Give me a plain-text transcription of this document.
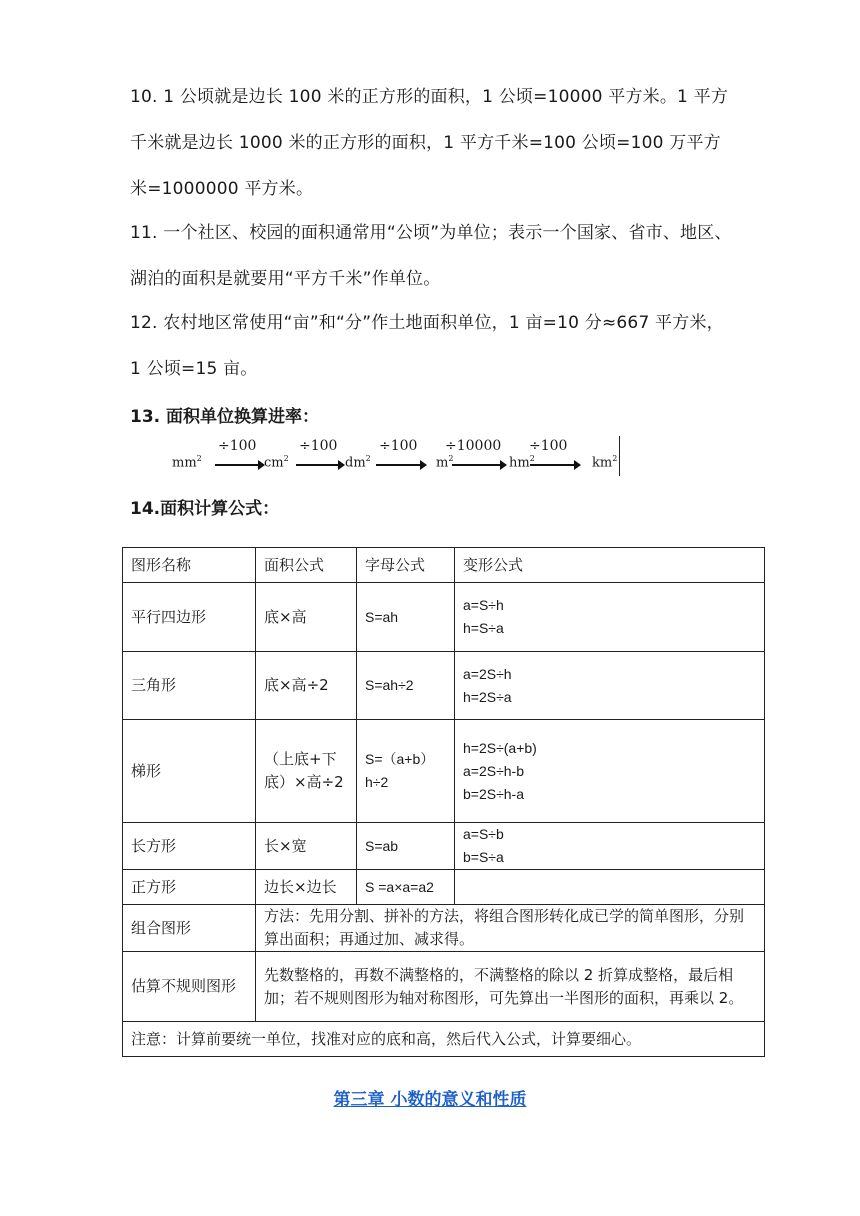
10. 1 公顷就是边长 100 米的正方形的面积，1 公顷=10000 平方米。1 平方千米就是边长 1000 米的正方形的面积，1 平方千米=100 公顷=100 万平方米=1000000 平方米。
11. 一个社区、校园的面积通常用“公顷”为单位；表示一个国家、省市、地区、湖泊的面积是就要用“平方千米”作单位。
12. 农村地区常使用“亩”和“分”作土地面积单位，1 亩=10 分≈667 平方米，1 公顷=15 亩。
13. 面积单位换算进率：
$mm^2$
÷100
$cm^2$
÷100
$dm^2$
÷100
$m^2$
÷10000
$hm^2$
÷100
$km^2$
14.面积计算公式：
图形名称	面积公式	字母公式	变形公式
平行四边形	底×高	S=ah	a=S÷h
h=S÷a

三角形	底×高÷2	S=ah÷2	a=2S÷h
h=2S÷a

梯形	（上底+下底）×高÷2	S=（a+b）h÷2	h=2S÷(a+b)
a=2S÷h-b
b=2S÷h-a

长方形	长×宽	S=ab	a=S÷b
b=S÷a

正方形	边长×边长	S =a×a=a2	
组合图形	方法：先用分割、拼补的方法，将组合图形转化成已学的简单图形，分别算出面积；再通过加、减求得。		
估算不规则图形	先数整格的，再数不满整格的，不满整格的除以 2 折算成整格，最后相加；若不规则图形为轴对称图形，可先算出一半图形的面积，再乘以 2。		
注意：计算前要统一单位，找准对应的底和高，然后代入公式，计算要细心。			
第三章 小数的意义和性质
